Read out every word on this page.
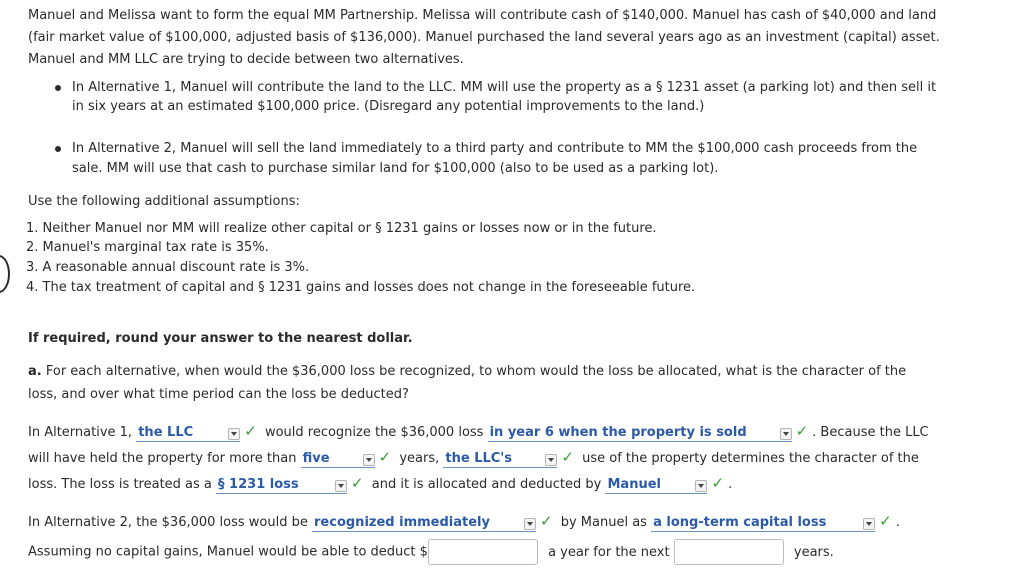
Manuel and Melissa want to form the equal MM Partnership. Melissa will contribute cash of $140,000. Manuel has cash of $40,000 and land
(fair market value of $100,000, adjusted basis of $136,000). Manuel purchased the land several years ago as an investment (capital) asset.
Manuel and MM LLC are trying to decide between two alternatives.
In Alternative 1, Manuel will contribute the land to the LLC. MM will use the property as a § 1231 asset (a parking lot) and then sell it
in six years at an estimated $100,000 price. (Disregard any potential improvements to the land.)
In Alternative 2, Manuel will sell the land immediately to a third party and contribute to MM the $100,000 cash proceeds from the
sale. MM will use that cash to purchase similar land for $100,000 (also to be used as a parking lot).
Use the following additional assumptions:
1. Neither Manuel nor MM will realize other capital or § 1231 gains or losses now or in the future.
2. Manuel's marginal tax rate is 35%.
3. A reasonable annual discount rate is 3%.
4. The tax treatment of capital and § 1231 gains and losses does not change in the foreseeable future.
If required, round your answer to the nearest dollar.
a. For each alternative, when would the $36,000 loss be recognized, to whom would the loss be allocated, what is the character of the
loss, and over what time period can the loss be deducted?
In Alternative 1, the LLC	✓ would recognize the $36,000 loss in year 6 when the property is sold	✓ . Because the LLC
will have held the property for more than five	✓ years, the LLC's	✓ use of the property determines the character of the
loss. The loss is treated as a § 1231 loss	✓ and it is allocated and deducted by Manuel	✓ .
In Alternative 2, the $36,000 loss would be recognized immediately	✓ by Manuel as a long-term capital loss	✓ .
Assuming no capital gains, Manuel would be able to deduct $	a year for the next	years.
